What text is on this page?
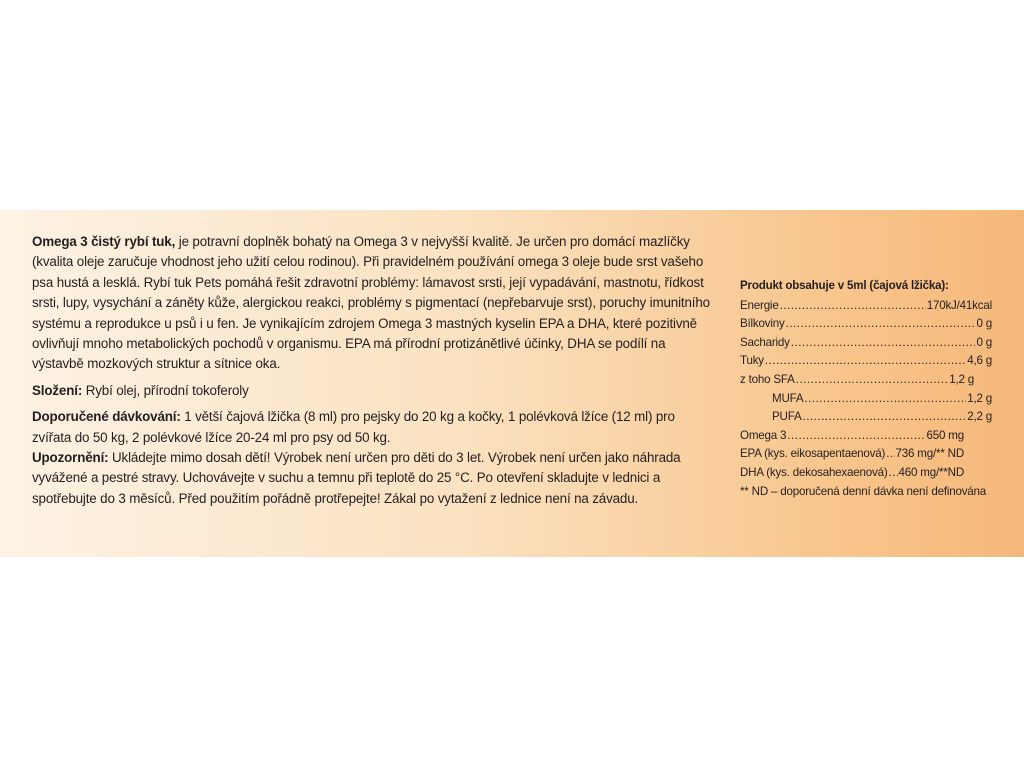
Omega 3 čistý rybí tuk, je potravní doplněk bohatý na Omega 3 v nejvyšší kvalitě. Je určen pro domácí mazlíčky (kvalita oleje zaručuje vhodnost jeho užití celou rodinou). Při pravidelném používání omega 3 oleje bude srst vašeho psa hustá a lesklá. Rybí tuk Pets pomáhá řešit zdravotní problémy: lámavost srsti, její vypadávání, mastnotu, řídkost srsti, lupy, vysychání a záněty kůže, alergickou reakci, problémy s pigmentací (nepřebarvuje srst), poruchy imunitního systému a reprodukce u psů i u fen. Je vynikajícím zdrojem Omega 3 mastných kyselin EPA a DHA, které pozitivně ovlivňují mnoho metabolických pochodů v organismu. EPA má přírodní protizánětlivé účinky, DHA se podílí na výstavbě mozkových struktur a sítnice oka.

Složení: Rybí olej, přírodní tokoferoly

Doporučené dávkování: 1 větší čajová lžička (8 ml) pro pejsky do 20 kg a kočky, 1 polévková lžíce (12 ml) pro zvířata do 50 kg, 2 polévkové lžíce 20-24 ml pro psy od 50 kg.

Upozornění: Ukládejte mimo dosah dětí! Výrobek není určen pro děti do 3 let. Výrobek není určen jako náhrada vyvážené a pestré stravy. Uchovávejte v suchu a temnu při teplotě do 25 °C. Po otevření skladujte v lednici a spotřebujte do 3 měsíců. Před použitím pořádně protřepejte! Zákal po vytažení z lednice není na závadu.

Produkt obsahuje v 5ml (čajová lžička):
Energie .....	170kJ/41kcal
Bílkoviny .....	0 g
Sacharidy .....	0 g
Tuky .....	4,6 g
z toho SFA .....	1,2 g
MUFA .....	1,2 g
PUFA .....	2,2 g
Omega 3 .....	650 mg
EPA (kys. eikosapentaenová) ..... 736 mg/** ND
DHA (kys. dekosahexaenová) ..... 460 mg/**ND
** ND – doporučená denní dávka není definována
